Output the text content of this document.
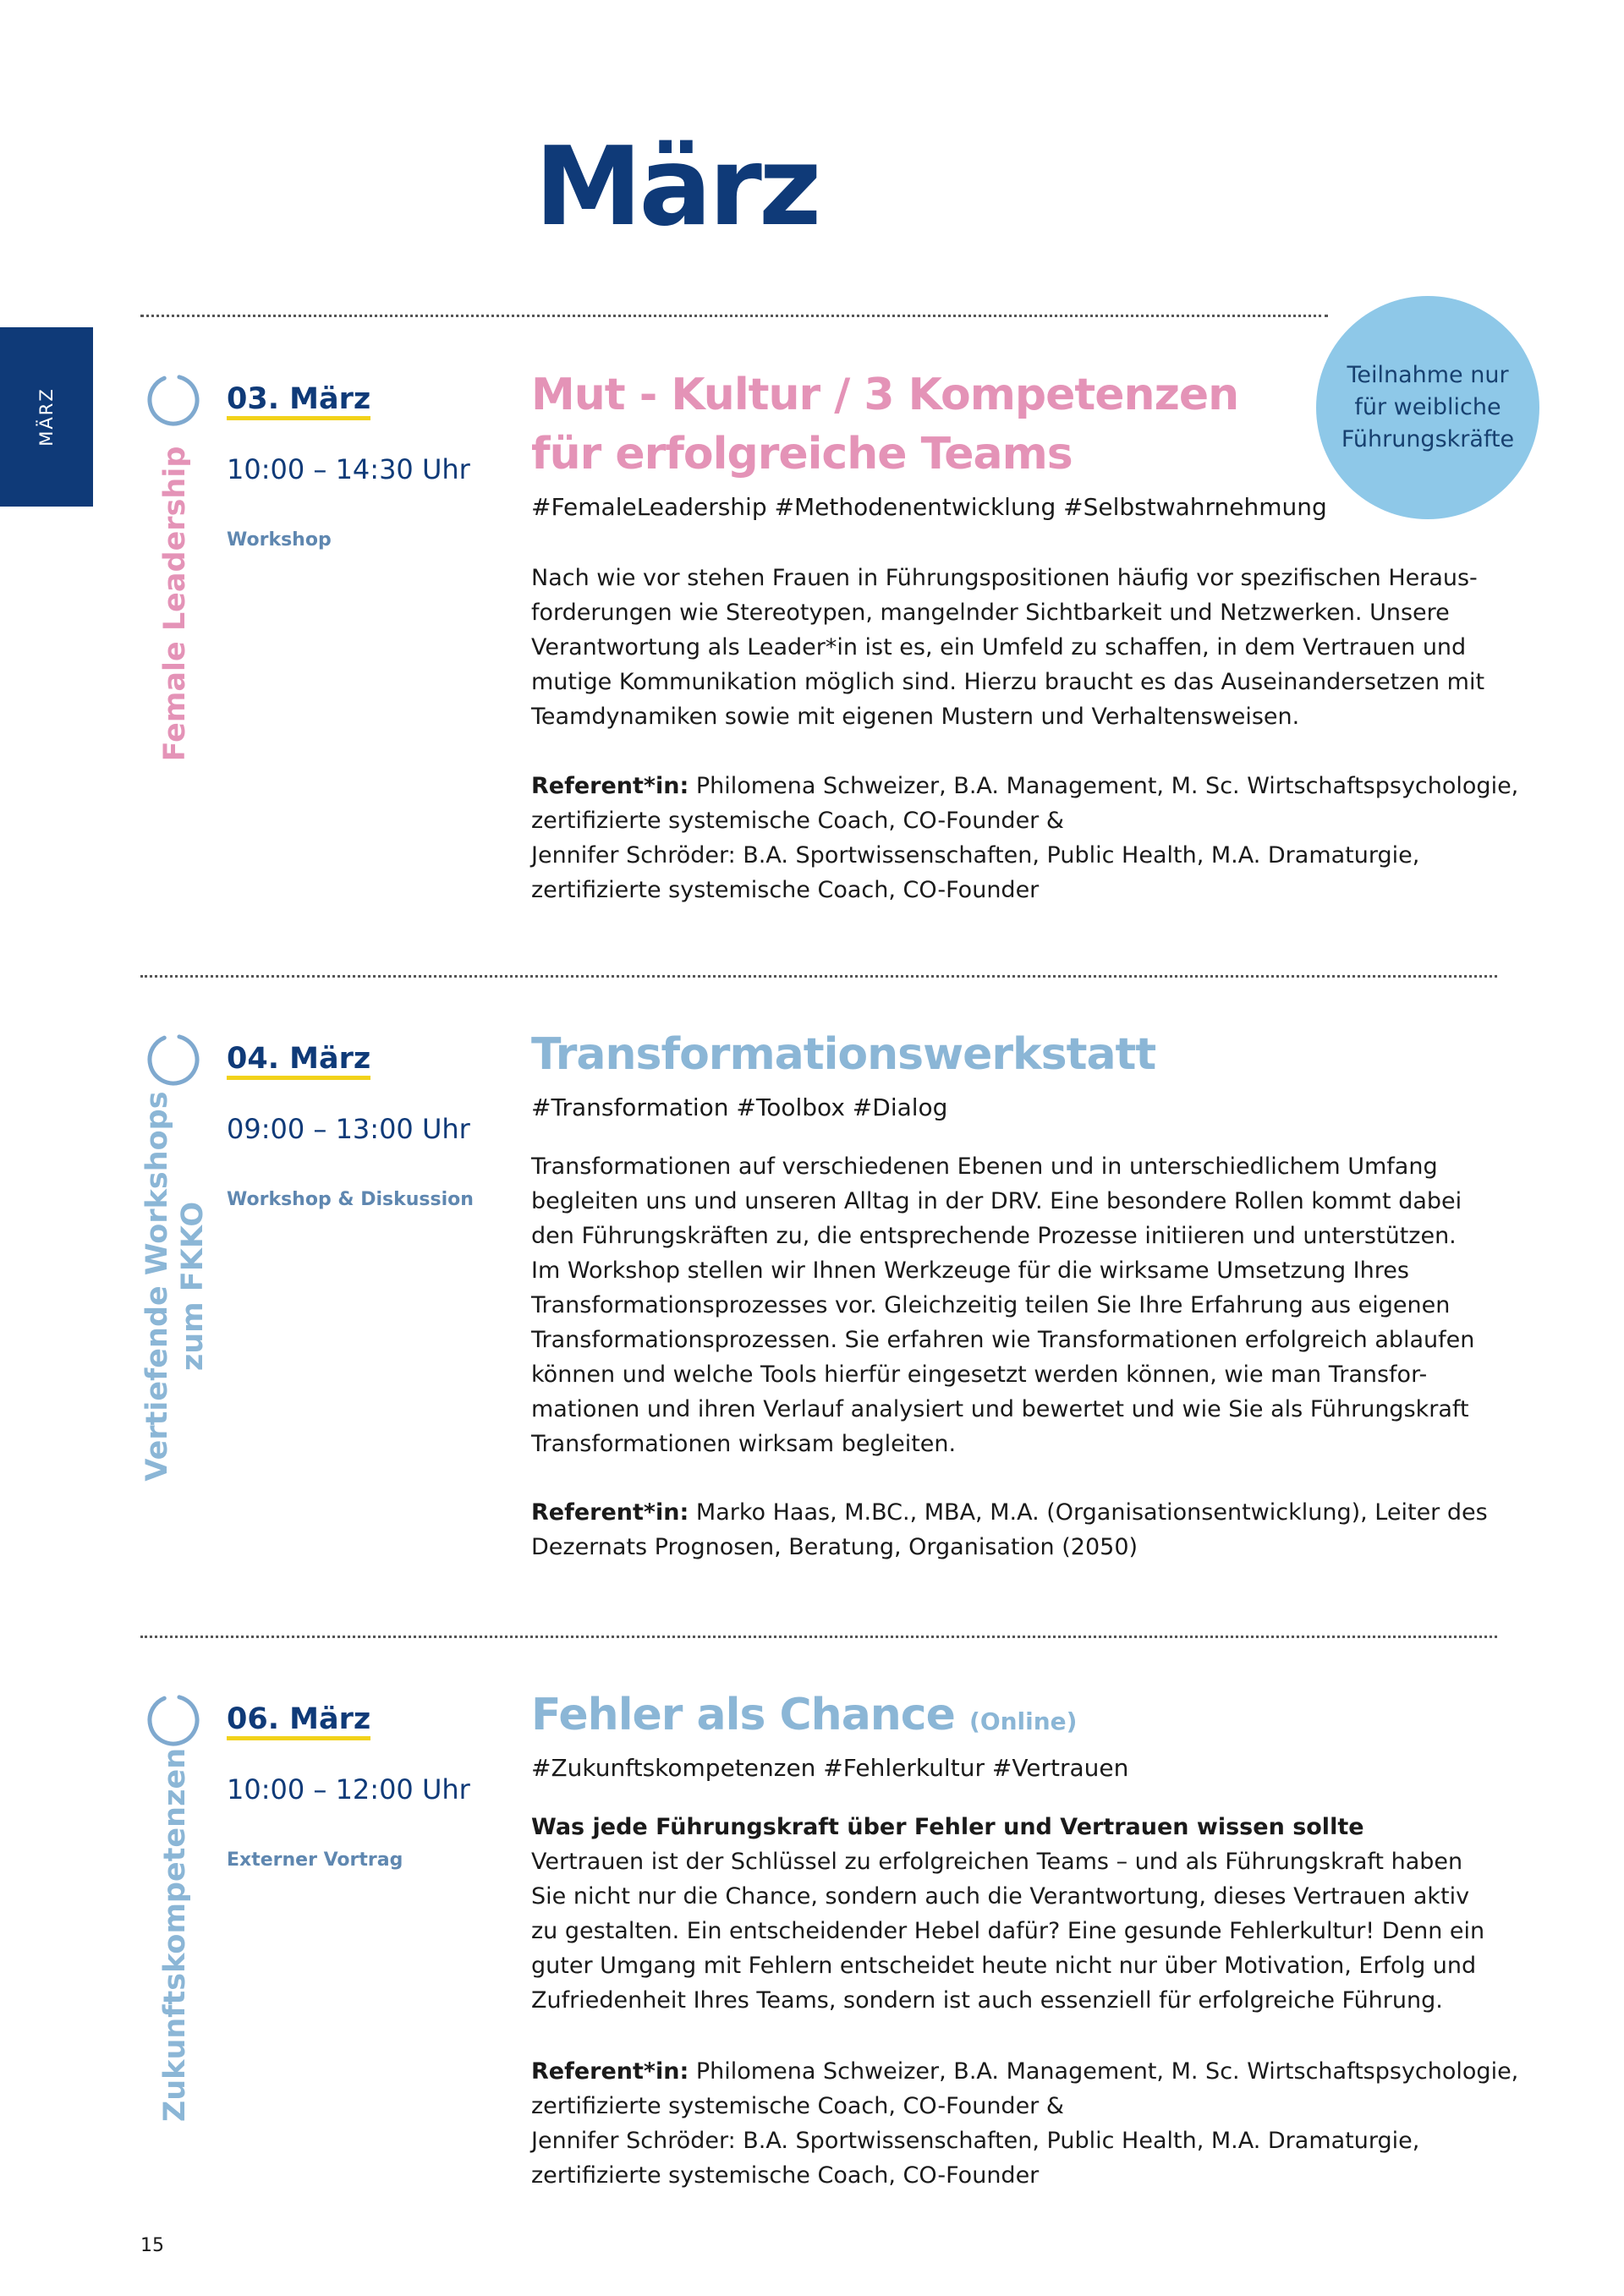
März
MÄRZ
Teilnahme nur
für weibliche
Führungskräfte
Female Leadership
03. März
10:00 – 14:30 Uhr
Workshop
Mut - Kultur / 3 Kompetenzen
für erfolgreiche Teams
#FemaleLeadership #Methodenentwicklung #Selbstwahrnehmung

Nach wie vor stehen Frauen in Führungspositionen häufig vor spezifischen Heraus-

forderungen wie Stereotypen, mangelnder Sichtbarkeit und Netzwerken. Unsere

Verantwortung als Leader*in ist es, ein Umfeld zu schaffen, in dem Vertrauen und

mutige Kommunikation möglich sind. Hierzu braucht es das Auseinandersetzen mit

Teamdynamiken sowie mit eigenen Mustern und Verhaltensweisen.

Referent*in: Philomena Schweizer, B.A. Management, M. Sc. Wirtschaftspsychologie,

zertifizierte systemische Coach, CO-Founder &

Jennifer Schröder: B.A. Sportwissenschaften, Public Health, M.A. Dramaturgie,

zertifizierte systemische Coach, CO-Founder

Vertiefende Workshops zum FKKO
04. März
09:00 – 13:00 Uhr
Workshop & Diskussion
Transformationswerkstatt
#Transformation #Toolbox #Dialog

Transformationen auf verschiedenen Ebenen und in unterschiedlichem Umfang

begleiten uns und unseren Alltag in der DRV. Eine besondere Rollen kommt dabei

den Führungskräften zu, die entsprechende Prozesse initiieren und unterstützen.

Im Workshop stellen wir Ihnen Werkzeuge für die wirksame Umsetzung Ihres

Transformationsprozesses vor. Gleichzeitig teilen Sie Ihre Erfahrung aus eigenen

Transformationsprozessen. Sie erfahren wie Transformationen erfolgreich ablaufen

können und welche Tools hierfür eingesetzt werden können, wie man Transfor-

mationen und ihren Verlauf analysiert und bewertet und wie Sie als Führungskraft

Transformationen wirksam begleiten.

Referent*in: Marko Haas, M.BC., MBA, M.A. (Organisationsentwicklung), Leiter des

Dezernats Prognosen, Beratung, Organisation (2050)

Zukunftskompetenzen
06. März
10:00 – 12:00 Uhr
Externer Vortrag
Fehler als Chance (Online)
#Zukunftskompetenzen #Fehlerkultur #Vertrauen

Was jede Führungskraft über Fehler und Vertrauen wissen sollte

Vertrauen ist der Schlüssel zu erfolgreichen Teams – und als Führungskraft haben

Sie nicht nur die Chance, sondern auch die Verantwortung, dieses Vertrauen aktiv

zu gestalten. Ein entscheidender Hebel dafür? Eine gesunde Fehlerkultur! Denn ein

guter Umgang mit Fehlern entscheidet heute nicht nur über Motivation, Erfolg und

Zufriedenheit Ihres Teams, sondern ist auch essenziell für erfolgreiche Führung.

Referent*in: Philomena Schweizer, B.A. Management, M. Sc. Wirtschaftspsychologie,

zertifizierte systemische Coach, CO-Founder &

Jennifer Schröder: B.A. Sportwissenschaften, Public Health, M.A. Dramaturgie,

zertifizierte systemische Coach, CO-Founder

15
